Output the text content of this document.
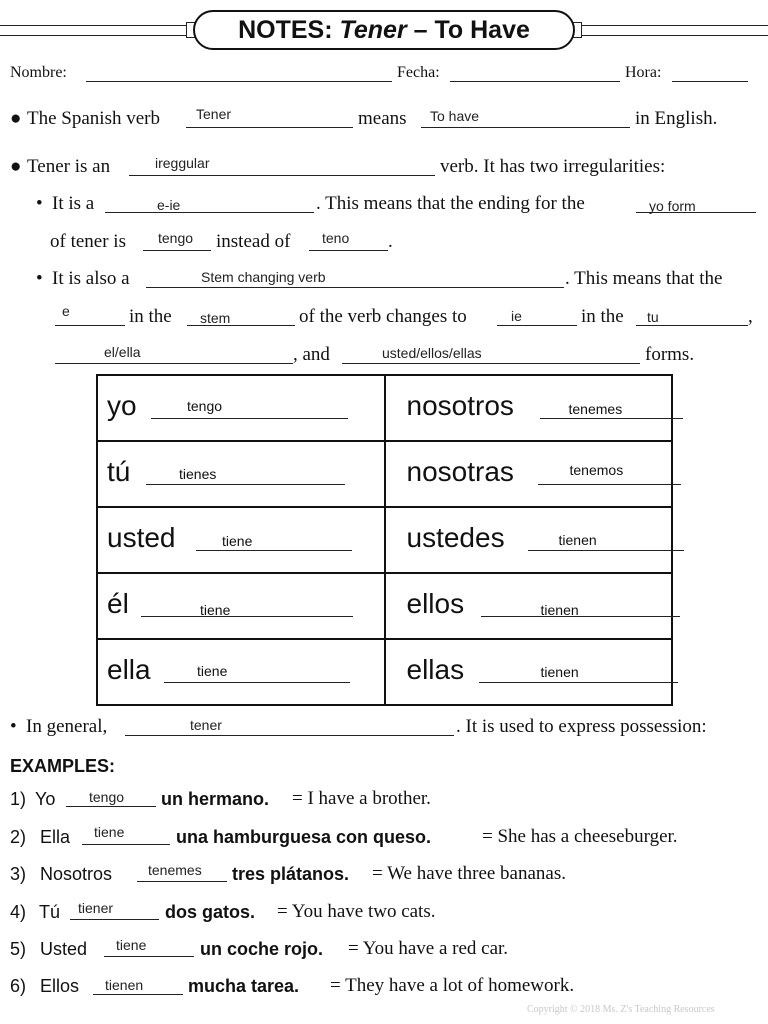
NOTES: Tener – To Have
Nombre:	Fecha:	Hora:
● The Spanish verb	Tener	means To have	in English.
● Tener is an	ireggular	verb. It has two irregularities:
• It is a	e-ie	. This means that the ending for the	yo form
of tener is tengo instead of teno .
• It is also a	Stem changing verb	. This means that the
e	in the stem	of the verb changes to	ie	in the tu	,
el/ella	, and	usted/ellos/ellas	forms.
yo tengo	nosotros tenemes

tú tienes	nosotras tenemos

usted tiene	ustedes tienen

él tiene	ellos tienen

ella tiene	ellas tienen
• In general,	tener	. It is used to express possession:
EXAMPLES:
1) Yo tengo un hermano. = I have a brother.
2) Ella tiene	una hamburguesa con queso.	= She has a cheeseburger.
3) Nosotros	tenemes tres plátanos. = We have three bananas.
4) Tú tiener	dos gatos. = You have two cats.
5) Usted tiene	un coche rojo. = You have a red car.
6) Ellos tienen mucha tarea. = They have a lot of homework.
Copyright © 2018 Ms. Z's Teaching Resources
